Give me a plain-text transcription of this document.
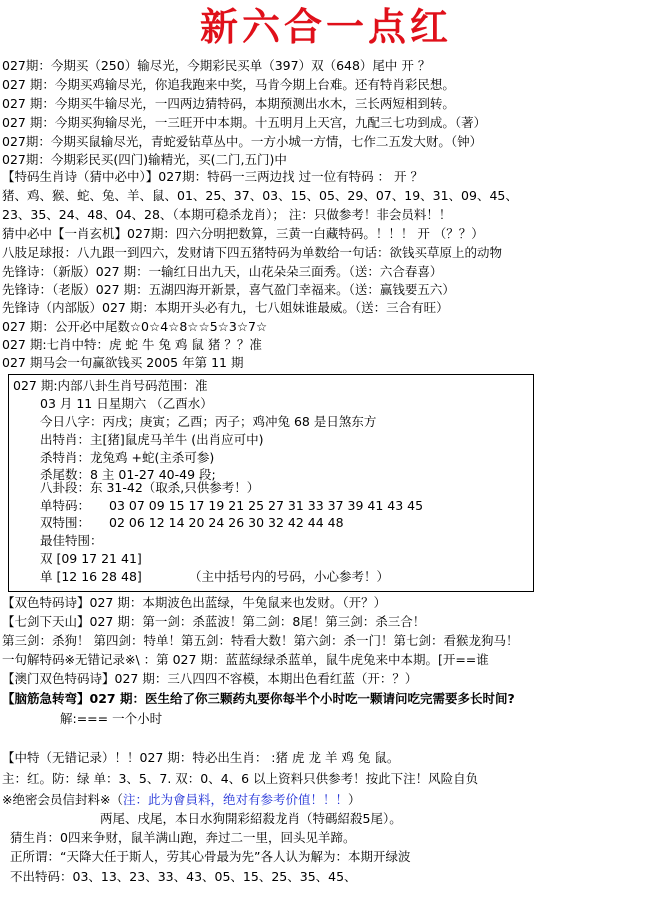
新六合一点红
027期：今期买（250）输尽光，今期彩民买单（397）双（648）尾中 开 ？
027 期：今期买鸡输尽光，你追我跑来中奖，马肯今期上台难。还有特肖彩民想。
027 期：今期买牛输尽光，一四两边猜特码，本期预测出水木，三长两短相到转。
027 期：今期买狗输尽光，一三旺开中本期。十五明月上天宫，九配三七功到成。（著）
027期：今期买鼠输尽光，青蛇爱钻草丛中。一方小城一方情，七作二五发大财。（钟）
027期：今期彩民买(四门)输精光，买(二门,五门)中
【特码生肖诗（猜中必中）】027期：特码一三两边找 过一位有特码 ： 开 ？
猪、鸡、猴、蛇、兔、羊、鼠、01、25、37、03、15、05、29、07、19、31、09、45、
23、35、24、48、04、28、（本期可稳杀龙肖）； 注：只做参考！非会员料！！
猜中必中【一肖玄机】027期：四六分明把数算，三黄一白藏特码。！！！ 开 （？？）
八肢足球报：八九跟一到四六，发财请下四五猪特码为单数给一句话：欲钱买草原上的动物
先锋诗：（新版）027 期：一输红日出九天，山花朵朵三面秀。（送：六合春喜）
先锋诗：（老版）027 期：五湖四海开新景，喜气盈门幸福来。（送：赢钱要五六）
先锋诗（内部版）027 期：本期开头必有九，七八姐妹谁最威。（送：三合有旺）
027 期：公开必中尾数☆0☆4☆8☆☆5☆3☆7☆
027 期:七肖中特：虎 蛇 牛 兔 鸡 鼠 猪 ？？准
027 期马会一句赢欲钱买 2005 年第 11 期
027 期:内部八卦生肖号码范围：准
03 月 11 日星期六 （乙酉水）
今日八字：丙戌；庚寅；乙酉；丙子；鸡冲兔 68 是日煞东方
出特肖：主[猪]鼠虎马羊牛 (出肖应可中)
杀特肖：龙兔鸡 +蛇(主杀可参)
杀尾数：8 主 01-27 40-49 段;
八卦段：东 31-42（取杀,只供参考！）
单特码： 03 07 09 15 17 19 21 25 27 31 33 37 39 41 43 45
双特围： 02 06 12 14 20 24 26 30 32 42 44 48
最佳特围：
双 [09 17 21 41]
单 [12 16 28 48]	（主中括号内的号码，小心参考！）
【双色特码诗】027 期：本期波色出蓝绿，牛兔鼠来也发财。（开？）
【七剑下天山】027 期：第一剑：杀蓝波！第二剑：8尾！第三剑：杀三合！
第三剑：杀狗！ 第四剑：特单！第五剑：特看大数！第六剑：杀一门！第七剑：看猴龙狗马！
一句解特码※无错记录※\ ：第 027 期：蓝蓝绿绿杀蓝单，鼠牛虎兔来中本期。[开==谁
【澳门双色特码诗】027 期：三八四四不容模，本期出色看红蓝（开：？）
【脑筋急转弯】027 期：医生给了你三颗药丸要你每半个小时吃一颗请问吃完需要多长时间?
解:=== 一个小时
【中特（无错记录）！！027 期：特必出生肖： :猪 虎 龙 羊 鸡 兔 鼠。
主：红。防：绿 单：3、5、7. 双：0、4、6 以上资料只供参考！按此下注！风险自负
※绝密会员信封料※（注：此为會員料，绝对有参考价值！！！）
两尾、戌尾，本日水狗開彩紹殺龙肖（特碼紹殺5尾）。
猜生肖：0四来争财，鼠羊满山跑，奔过二一里，回头见羊蹄。
正所谓：“天降大任于斯人，劳其心骨最为先”各人认为解为：本期开绿波
不出特码：03、13、23、33、43、05、15、25、35、45、
